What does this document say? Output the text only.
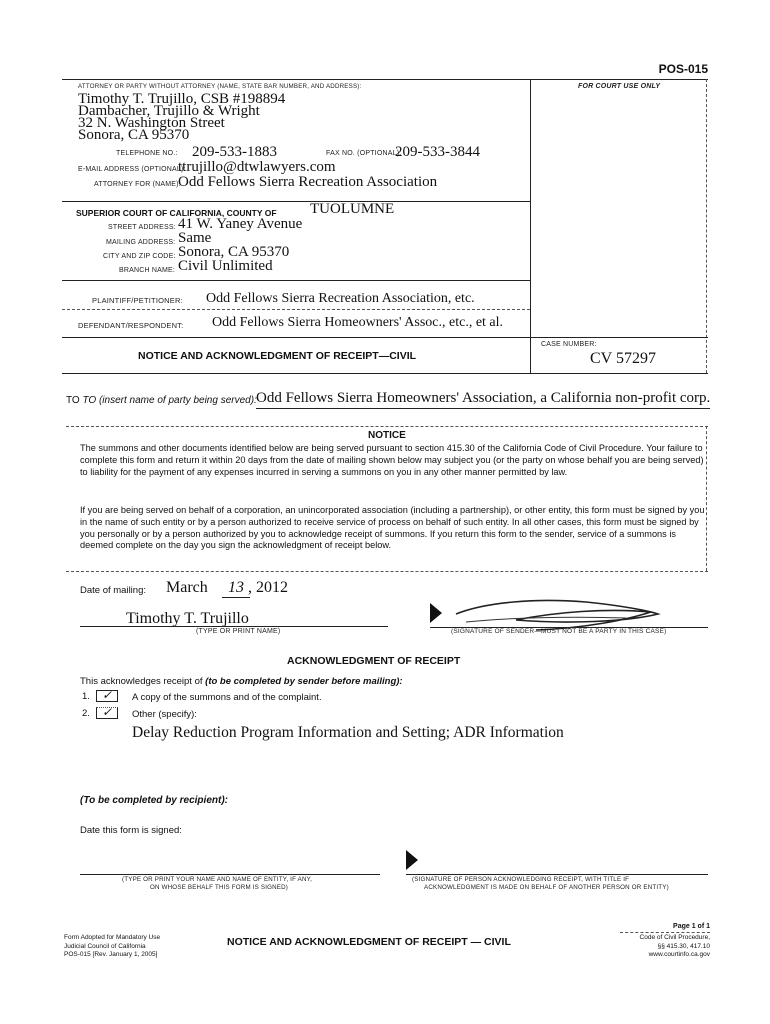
POS-015
ATTORNEY OR PARTY WITHOUT ATTORNEY (NAME, STATE BAR NUMBER, AND ADDRESS):
Timothy T. Trujillo, CSB #198894
Dambacher, Trujillo & Wright
32 N. Washington Street
Sonora, CA 95370
TELEPHONE NO.: 209-533-1883	FAX NO. (OPTIONAL):
209-533-3844
E-MAIL ADDRESS (OPTIONAL):
ttrujillo@dtwlawyers.com
ATTORNEY FOR (NAME):
Odd Fellows Sierra Recreation Association
FOR COURT USE ONLY
SUPERIOR COURT OF CALIFORNIA, COUNTY OF TUOLUMNE
STREET ADDRESS: 41 W. Yaney Avenue
MAILING ADDRESS: Same
CITY AND ZIP CODE: Sonora, CA 95370
BRANCH NAME: Civil Unlimited
PLAINTIFF/PETITIONER: Odd Fellows Sierra Recreation Association, etc.
DEFENDANT/RESPONDENT: Odd Fellows Sierra Homeowners' Assoc., etc., et al.
NOTICE AND ACKNOWLEDGMENT OF RECEIPT—CIVIL
CASE NUMBER:
CV 57297
TO TO (insert name of party being served): Odd Fellows Sierra Homeowners' Association, a California non-profit corp.
NOTICE
The summons and other documents identified below are being served pursuant to section 415.30 of the California Code of Civil Procedure. Your failure to complete this form and return it within 20 days from the date of mailing shown below may subject you (or the party on whose behalf you are being served) to liability for the payment of any expenses incurred in serving a summons on you in any other manner permitted by law.
If you are being served on behalf of a corporation, an unincorporated association (including a partnership), or other entity, this form must be signed by you in the name of such entity or by a person authorized to receive service of process on behalf of such entity. In all other cases, this form must be signed by you personally or by a person authorized by you to acknowledge receipt of summons. If you return this form to the sender, service of a summons is deemed complete on the day you sign the acknowledgment of receipt below.
Date of mailing: March	13 , 2012
Timothy T. Trujillo
(TYPE OR PRINT NAME)	(SIGNATURE OF SENDER—MUST NOT BE A PARTY IN THIS CASE)
ACKNOWLEDGMENT OF RECEIPT
This acknowledges receipt of (to be completed by sender before mailing):
1. ✓ A copy of the summons and of the complaint.
2. ✓ Other (specify):
Delay Reduction Program Information and Setting; ADR Information
(To be completed by recipient):
Date this form is signed:
(TYPE OR PRINT YOUR NAME AND NAME OF ENTITY, IF ANY,
ON WHOSE BEHALF THIS FORM IS SIGNED)
(SIGNATURE OF PERSON ACKNOWLEDGING RECEIPT, WITH TITLE IF
ACKNOWLEDGMENT IS MADE ON BEHALF OF ANOTHER PERSON OR ENTITY)
Form Adopted for Mandatory Use
Judicial Council of California
POS-015 [Rev. January 1, 2005]
NOTICE AND ACKNOWLEDGMENT OF RECEIPT — CIVIL
Page 1 of 1
Code of Civil Procedure,
§§ 415.30, 417.10
www.courtinfo.ca.gov
